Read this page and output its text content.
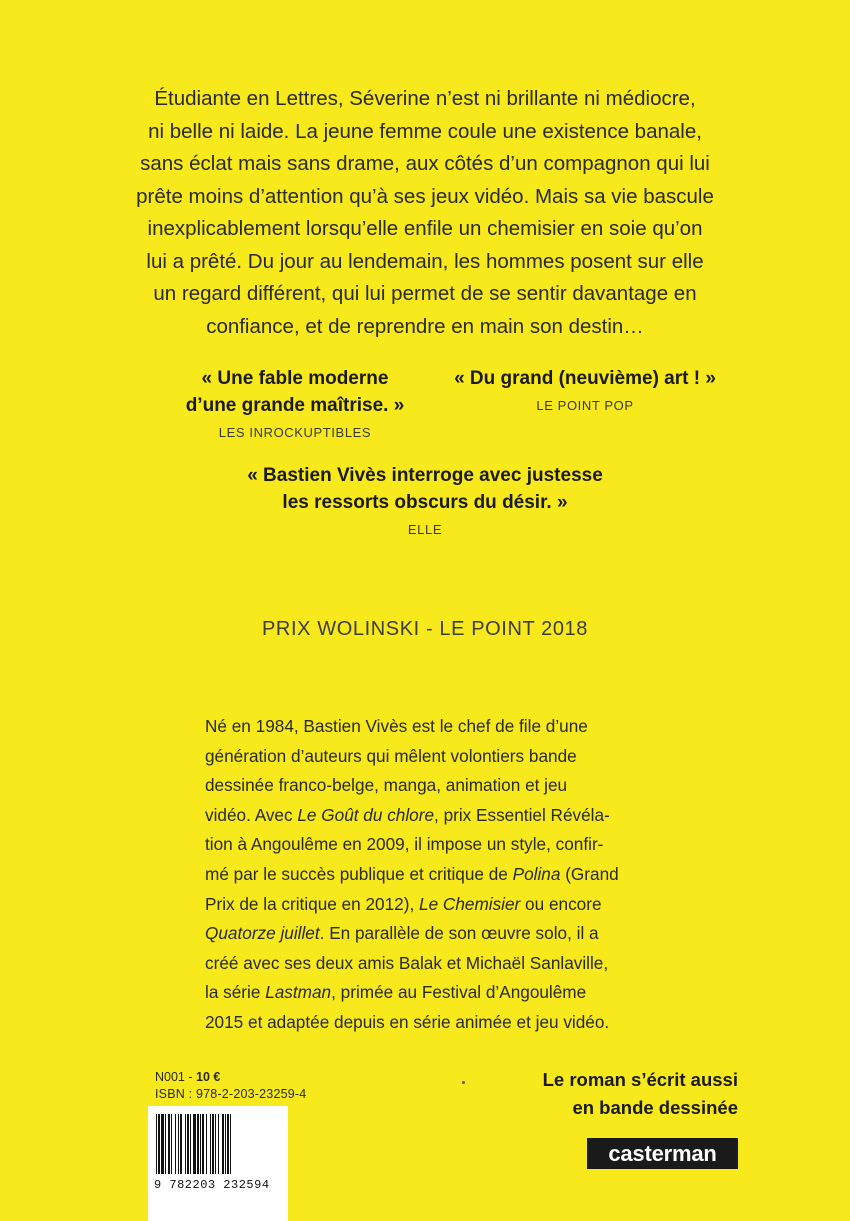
Étudiante en Lettres, Séverine n’est ni brillante ni médiocre,

ni belle ni laide. La jeune femme coule une existence banale,

sans éclat mais sans drame, aux côtés d’un compagnon qui lui

prête moins d’attention qu’à ses jeux vidéo. Mais sa vie bascule

inexplicablement lorsqu’elle enfile un chemisier en soie qu’on

lui a prêté. Du jour au lendemain, les hommes posent sur elle

un regard différent, qui lui permet de se sentir davantage en

confiance, et de reprendre en main son destin…

« Une fable moderne
d’une grande maîtrise. »
LES INROCKUPTIBLES
« Du grand (neuvième) art ! »
LE POINT POP
« Bastien Vivès interroge avec justesse
les ressorts obscurs du désir. »
ELLE
PRIX WOLINSKI - LE POINT 2018

Né en 1984, Bastien Vivès est le chef de file d’une

génération d’auteurs qui mêlent volontiers bande

dessinée franco-belge, manga, animation et jeu

vidéo. Avec Le Goût du chlore, prix Essentiel Révéla-

tion à Angoulême en 2009, il impose un style, confir-

mé par le succès publique et critique de Polina (Grand

Prix de la critique en 2012), Le Chemisier ou encore

Quatorze juillet. En parallèle de son œuvre solo, il a

créé avec ses deux amis Balak et Michaël Sanlaville,

la série Lastman, primée au Festival d’Angoulême

2015 et adaptée depuis en série animée et jeu vidéo.

N001 - 10 €
ISBN : 978-2-203-23259-4
9 782203 232594

Le roman s’écrit aussi

en bande dessinée

casterman
